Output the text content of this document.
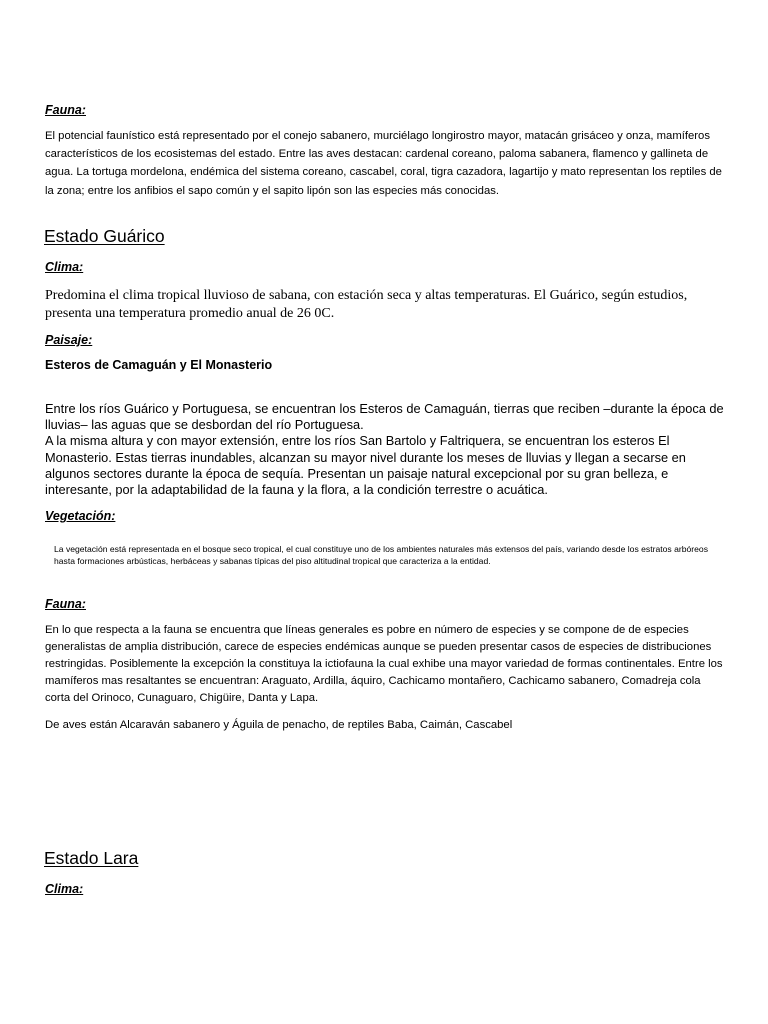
Fauna:

El potencial faunístico está representado por el conejo sabanero, murciélago longirostro mayor, matacán grisáceo y onza, mamíferos característicos de los ecosistemas del estado. Entre las aves destacan: cardenal coreano, paloma sabanera, flamenco y gallineta de agua. La tortuga mordelona, endémica del sistema coreano, cascabel, coral, tigra cazadora, lagartijo y mato representan los reptiles de la zona; entre los anfibios el sapo común y el sapito lipón son las especies más conocidas.

Estado Guárico

Clima:

Predomina el clima tropical lluvioso de sabana, con estación seca y altas temperaturas. El Guárico, según estudios, presenta una temperatura promedio anual de 26 0C.

Paisaje:

Esteros de Camaguán y El Monasterio

Entre los ríos Guárico y Portuguesa, se encuentran los Esteros de Camaguán, tierras que reciben –durante la época de lluvias– las aguas que se desbordan del río Portuguesa.
A la misma altura y con mayor extensión, entre los ríos San Bartolo y Faltriquera, se encuentran los esteros El Monasterio. Estas tierras inundables, alcanzan su mayor nivel durante los meses de lluvias y llegan a secarse en algunos sectores durante la época de sequía. Presentan un paisaje natural excepcional por su gran belleza, e interesante, por la adaptabilidad de la fauna y la flora, a la condición terrestre o acuática.

Vegetación:

La vegetación está representada en el bosque seco tropical, el cual constituye uno de los ambientes naturales más extensos del país, variando desde los estratos arbóreos hasta formaciones arbústicas, herbáceas y sabanas típicas del piso altitudinal tropical que caracteriza a la entidad.

Fauna:

En lo que respecta a la fauna se encuentra que líneas generales es pobre en número de especies y se compone de de especies generalistas de amplia distribución, carece de especies endémicas aunque se pueden presentar casos de especies de distribuciones restringidas. Posiblemente la excepción la constituya la ictiofauna la cual exhibe una mayor variedad de formas continentales. Entre los mamíferos mas resaltantes se encuentran: Araguato, Ardilla, áquiro, Cachicamo montañero, Cachicamo sabanero, Comadreja cola corta del Orinoco, Cunaguaro, Chigüire, Danta y Lapa.

De aves están Alcaraván sabanero y Águila de penacho, de reptiles Baba, Caimán, Cascabel

Estado Lara

Clima:
